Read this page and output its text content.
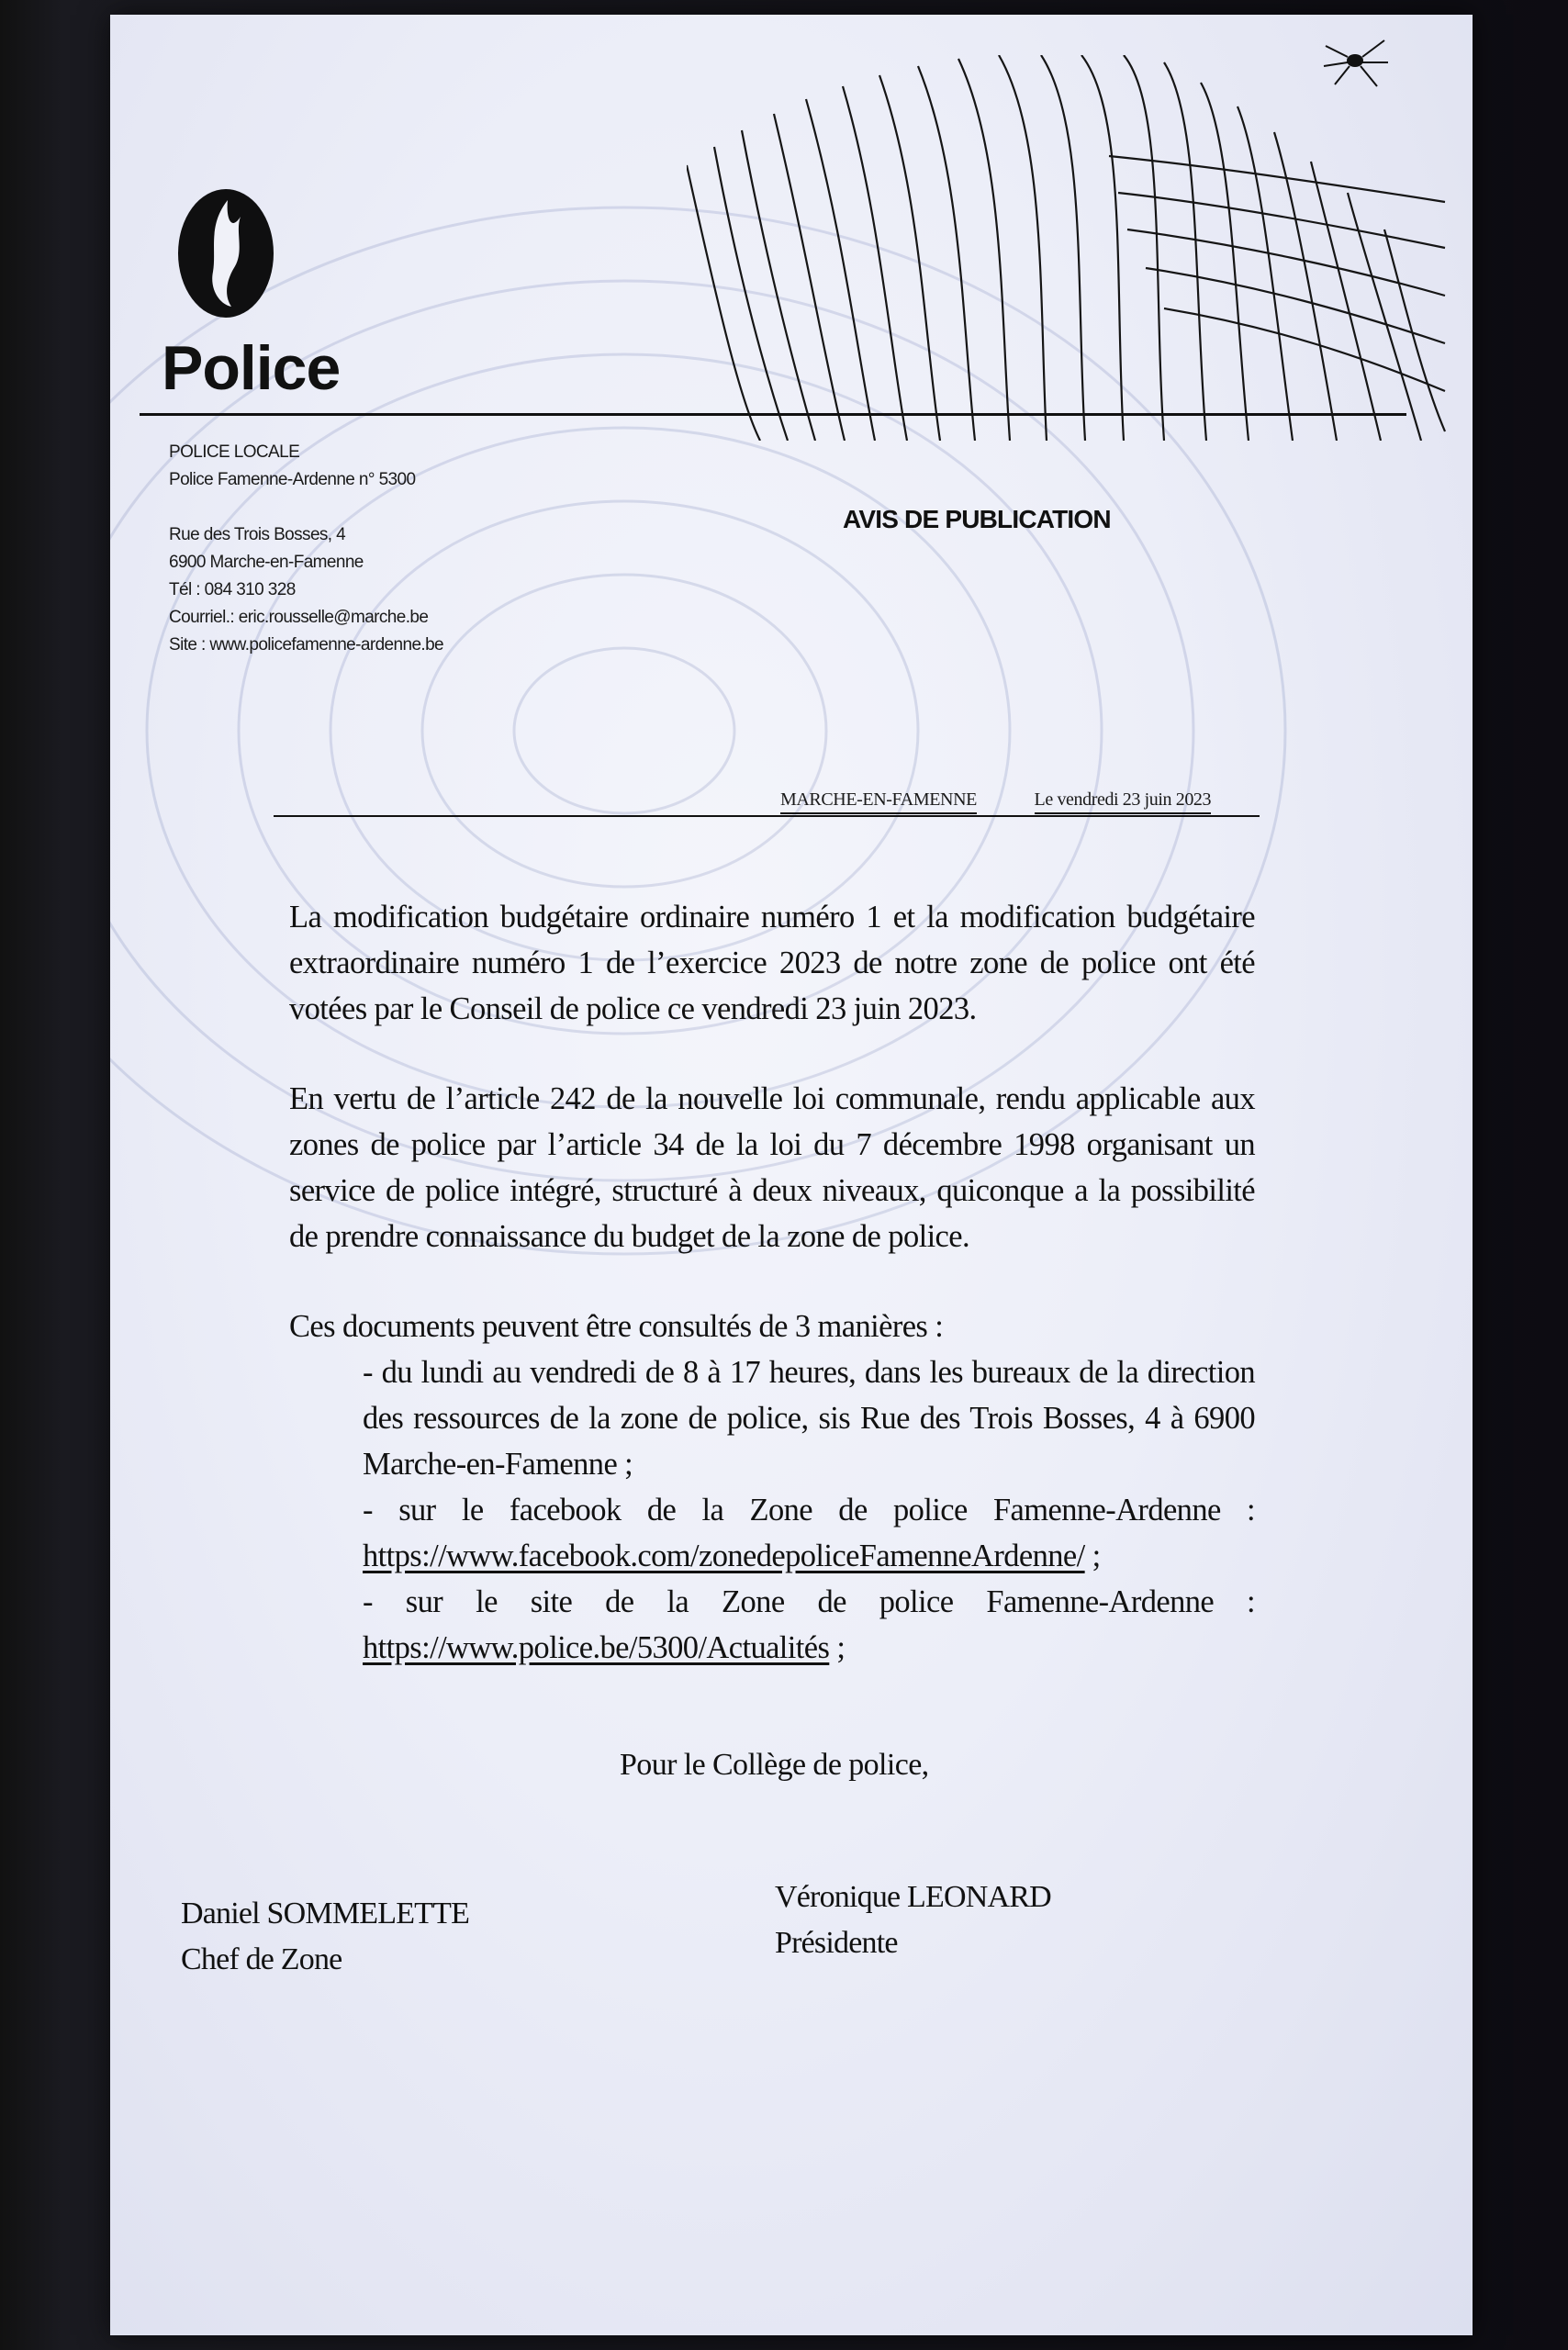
Police
POLICE LOCALE
Police Famenne-Ardenne n° 5300
Rue des Trois Bosses, 4
6900 Marche-en-Famenne
Tél : 084 310 328
Courriel.: eric.rousselle@marche.be
Site : www.policefamenne-ardenne.be
AVIS DE PUBLICATION
MARCHE-EN-FAMENNE	Le vendredi 23 juin 2023

La modification budgétaire ordinaire numéro 1 et la modification budgétaire extraordinaire numéro 1 de l’exercice 2023 de notre zone de police ont été votées par le Conseil de police ce vendredi 23 juin 2023.

En vertu de l’article 242 de la nouvelle loi communale, rendu applicable aux zones de police par l’article 34 de la loi du 7 décembre 1998 organisant un service de police intégré, structuré à deux niveaux, quiconque a la possibilité de prendre connaissance du budget de la zone de police.

Ces documents peuvent être consultés de 3 manières :

- du lundi au vendredi de 8 à 17 heures, dans les bureaux de la direction des ressources de la zone de police, sis Rue des Trois Bosses, 4 à 6900 Marche-en-Famenne ;
- sur le facebook de la Zone de police Famenne-Ardenne : https://www.facebook.com/zonedepoliceFamenneArdenne/ ;
- sur le site de la Zone de police Famenne-Ardenne : https://www.police.be/5300/Actualités ;
Pour le Collège de police,
Daniel SOMMELETTE
Chef de Zone
Véronique LEONARD
Présidente
